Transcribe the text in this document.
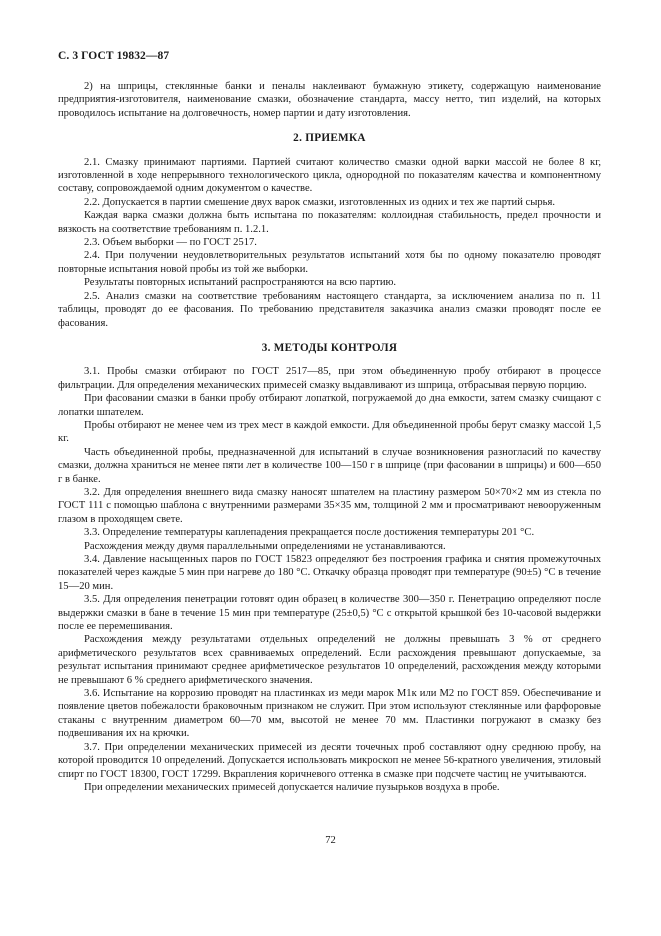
С. 3 ГОСТ 19832—87

2) на шприцы, стеклянные банки и пеналы наклеивают бумажную этикету, содержащую наименование предприятия-изготовителя, наименование смазки, обозначение стандарта, массу нетто, тип изделий, на которых проводилось испытание на долговечность, номер партии и дату изготовления.

2. ПРИЕМКА

2.1. Смазку принимают партиями. Партией считают количество смазки одной варки массой не более 8 кг, изготовленной в ходе непрерывного технологического цикла, однородной по показателям качества и компонентному составу, сопровождаемой одним документом о качестве.

2.2. Допускается в партии смешение двух варок смазки, изготовленных из одних и тех же партий сырья.

Каждая варка смазки должна быть испытана по показателям: коллоидная стабильность, предел прочности и вязкость на соответствие требованиям п. 1.2.1.

2.3. Объем выборки — по ГОСТ 2517.

2.4. При получении неудовлетворительных результатов испытаний хотя бы по одному показателю проводят повторные испытания новой пробы из той же выборки.

Результаты повторных испытаний распространяются на всю партию.

2.5. Анализ смазки на соответствие требованиям настоящего стандарта, за исключением анализа по п. 11 таблицы, проводят до ее фасования. По требованию представителя заказчика анализ смазки проводят после ее фасования.

3. МЕТОДЫ КОНТРОЛЯ

3.1. Пробы смазки отбирают по ГОСТ 2517—85, при этом объединенную пробу отбирают в процессе фильтрации. Для определения механических примесей смазку выдавливают из шприца, отбрасывая первую порцию.

При фасовании смазки в банки пробу отбирают лопаткой, погружаемой до дна емкости, затем смазку счищают с лопатки шпателем.

Пробы отбирают не менее чем из трех мест в каждой емкости. Для объединенной пробы берут смазку массой 1,5 кг.

Часть объединенной пробы, предназначенной для испытаний в случае возникновения разногласий по качеству смазки, должна храниться не менее пяти лет в количестве 100—150 г в шприце (при фасовании в шприцы) и 600—650 г в банке.

3.2. Для определения внешнего вида смазку наносят шпателем на пластину размером 50×70×2 мм из стекла по ГОСТ 111 с помощью шаблона с внутренними размерами 35×35 мм, толщиной 2 мм и просматривают невооруженным глазом в проходящем свете.

3.3. Определение температуры каплепадения прекращается после достижения температуры 201 °С.

Расхождения между двумя параллельными определениями не устанавливаются.

3.4. Давление насыщенных паров по ГОСТ 15823 определяют без построения графика и снятия промежуточных показателей через каждые 5 мин при нагреве до 180 °С. Откачку образца проводят при температуре (90±5) °С в течение 15—20 мин.

3.5. Для определения пенетрации готовят один образец в количестве 300—350 г. Пенетрацию определяют после выдержки смазки в бане в течение 15 мин при температуре (25±0,5) °С с открытой крышкой без 10-часовой выдержки после ее перемешивания.

Расхождения между результатами отдельных определений не должны превышать 3 % от среднего арифметического результатов всех сравниваемых определений. Если расхождения превышают допускаемые, за результат испытания принимают среднее арифметическое результатов 10 определений, расхождения между которыми не превышают 6 % среднего арифметического значения.

3.6. Испытание на коррозию проводят на пластинках из меди марок М1к или М2 по ГОСТ 859. Обеспечивание и появление цветов побежалости браковочным признаком не служит. При этом используют стеклянные или фарфоровые стаканы с внутренним диаметром 60—70 мм, высотой не менее 70 мм. Пластинки погружают в смазку без подвешивания их на крючки.

3.7. При определении механических примесей из десяти точечных проб составляют одну среднюю пробу, на которой проводится 10 определений. Допускается использовать микроскоп не менее 56-кратного увеличения, этиловый спирт по ГОСТ 18300, ГОСТ 17299. Вкрапления коричневого оттенка в смазке при подсчете частиц не учитываются.

При определении механических примесей допускается наличие пузырьков воздуха в пробе.

72
